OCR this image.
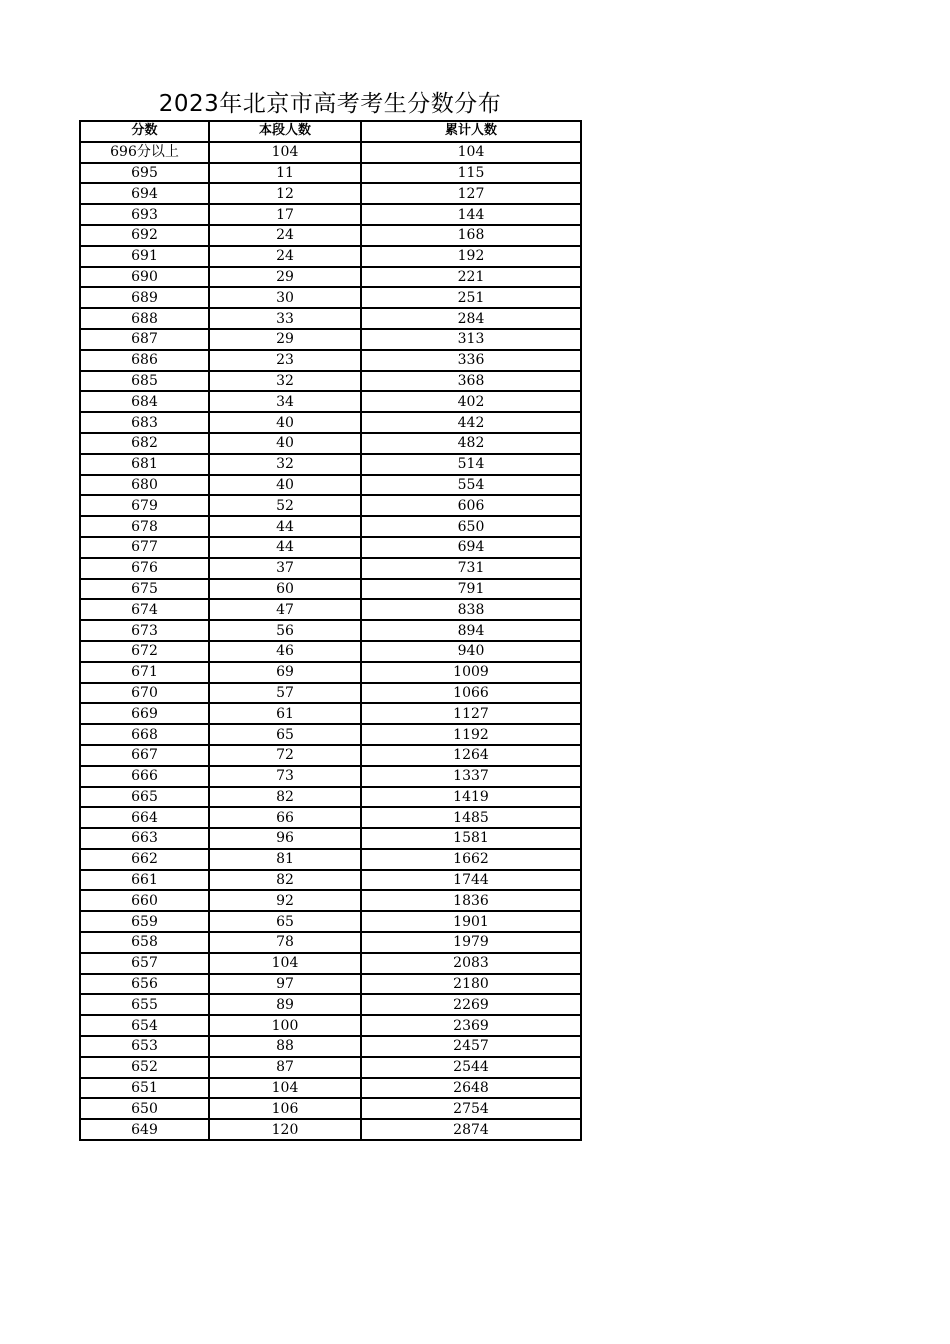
2023年北京市高考考生分数分布
分数	本段人数	累计人数
696分以上	104	104
695	11	115
694	12	127
693	17	144
692	24	168
691	24	192
690	29	221
689	30	251
688	33	284
687	29	313
686	23	336
685	32	368
684	34	402
683	40	442
682	40	482
681	32	514
680	40	554
679	52	606
678	44	650
677	44	694
676	37	731
675	60	791
674	47	838
673	56	894
672	46	940
671	69	1009
670	57	1066
669	61	1127
668	65	1192
667	72	1264
666	73	1337
665	82	1419
664	66	1485
663	96	1581
662	81	1662
661	82	1744
660	92	1836
659	65	1901
658	78	1979
657	104	2083
656	97	2180
655	89	2269
654	100	2369
653	88	2457
652	87	2544
651	104	2648
650	106	2754
649	120	2874
